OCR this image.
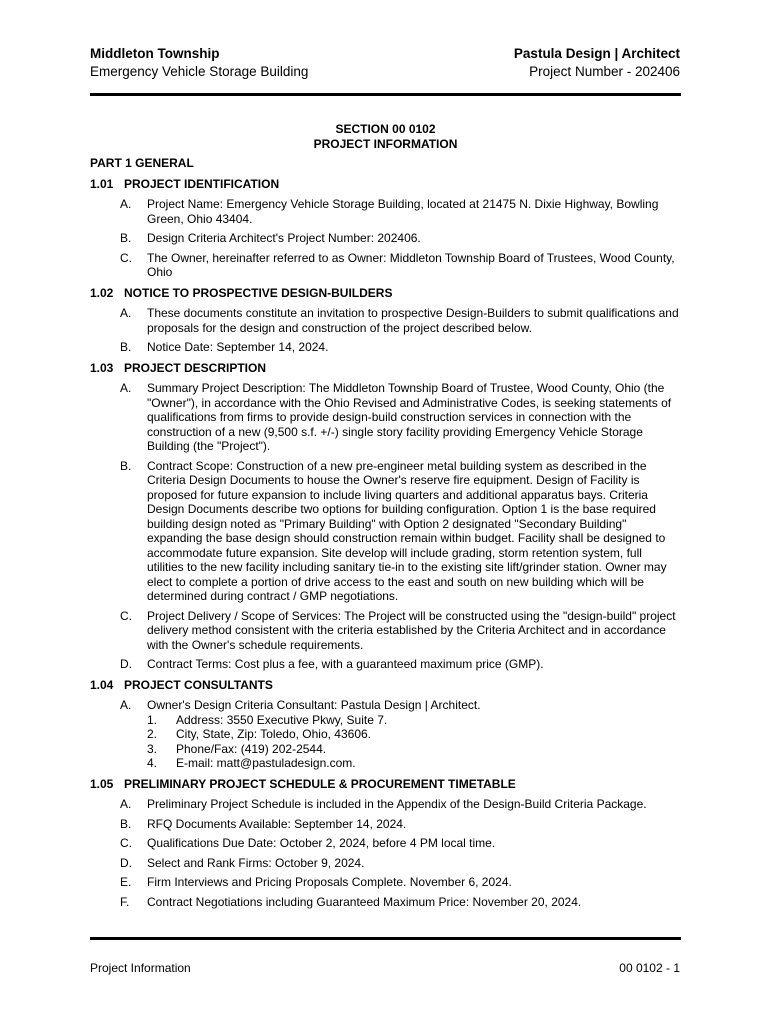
Middleton Township
Emergency Vehicle Storage Building
Pastula Design | Architect
Project Number - 202406
SECTION 00 0102
PROJECT INFORMATION
PART 1 GENERAL
1.01 PROJECT IDENTIFICATION
A. Project Name: Emergency Vehicle Storage Building, located at 21475 N. Dixie Highway, Bowling Green, Ohio 43404.
B. Design Criteria Architect's Project Number: 202406.
C. The Owner, hereinafter referred to as Owner: Middleton Township Board of Trustees, Wood County, Ohio
1.02 NOTICE TO PROSPECTIVE DESIGN-BUILDERS
A. These documents constitute an invitation to prospective Design-Builders to submit qualifications and proposals for the design and construction of the project described below.
B. Notice Date: September 14, 2024.
1.03 PROJECT DESCRIPTION
A. Summary Project Description: The Middleton Township Board of Trustee, Wood County, Ohio (the "Owner"), in accordance with the Ohio Revised and Administrative Codes, is seeking statements of qualifications from firms to provide design-build construction services in connection with the construction of a new (9,500 s.f. +/-) single story facility providing Emergency Vehicle Storage Building (the "Project").
B. Contract Scope: Construction of a new pre-engineer metal building system as described in the Criteria Design Documents to house the Owner's reserve fire equipment. Design of Facility is proposed for future expansion to include living quarters and additional apparatus bays. Criteria Design Documents describe two options for building configuration. Option 1 is the base required building design noted as "Primary Building" with Option 2 designated "Secondary Building" expanding the base design should construction remain within budget. Facility shall be designed to accommodate future expansion. Site develop will include grading, storm retention system, full utilities to the new facility including sanitary tie-in to the existing site lift/grinder station. Owner may elect to complete a portion of drive access to the east and south on new building which will be determined during contract / GMP negotiations.
C. Project Delivery / Scope of Services: The Project will be constructed using the "design-build" project delivery method consistent with the criteria established by the Criteria Architect and in accordance with the Owner's schedule requirements.
D. Contract Terms: Cost plus a fee, with a guaranteed maximum price (GMP).
1.04 PROJECT CONSULTANTS
A. Owner's Design Criteria Consultant: Pastula Design | Architect.
1. Address: 3550 Executive Pkwy, Suite 7.
2. City, State, Zip: Toledo, Ohio, 43606.
3. Phone/Fax: (419) 202-2544.
4. E-mail: matt@pastuladesign.com.
1.05 PRELIMINARY PROJECT SCHEDULE & PROCUREMENT TIMETABLE
A. Preliminary Project Schedule is included in the Appendix of the Design-Build Criteria Package.
B. RFQ Documents Available: September 14, 2024.
C. Qualifications Due Date: October 2, 2024, before 4 PM local time.
D. Select and Rank Firms: October 9, 2024.
E. Firm Interviews and Pricing Proposals Complete. November 6, 2024.
F. Contract Negotiations including Guaranteed Maximum Price: November 20, 2024.
Project Information	00 0102 - 1
